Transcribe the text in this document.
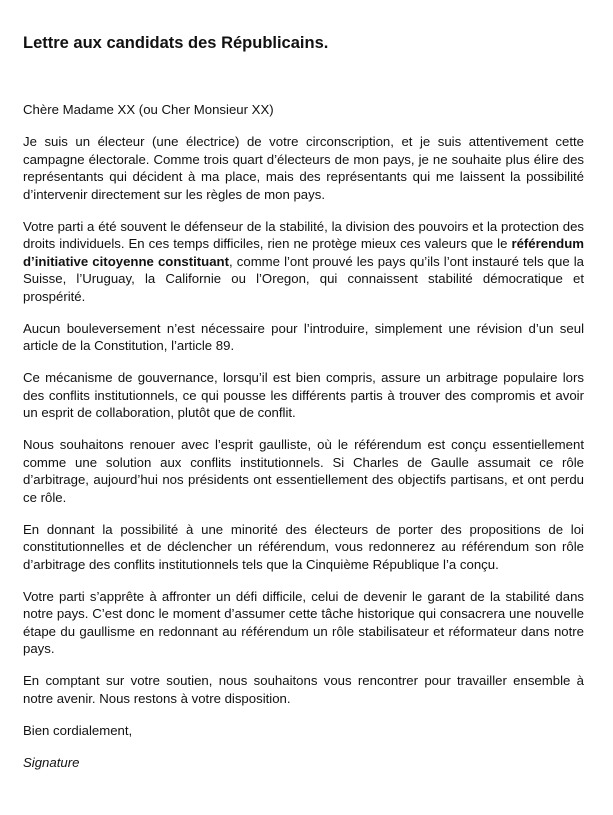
Lettre aux candidats des Républicains.

Chère Madame XX (ou Cher Monsieur XX)

Je suis un électeur (une électrice) de votre circonscription, et je suis attentivement cette campagne électorale. Comme trois quart d’électeurs de mon pays, je ne souhaite plus élire des représentants qui décident à ma place, mais des représentants qui me laissent la possibilité d’intervenir directement sur les règles de mon pays.

Votre parti a été souvent le défenseur de la stabilité, la division des pouvoirs et la protection des droits individuels. En ces temps difficiles, rien ne protège mieux ces valeurs que le référendum d’initiative citoyenne constituant, comme l’ont prouvé les pays qu’ils l’ont instauré tels que la Suisse, l’Uruguay, la Californie ou l’Oregon, qui connaissent stabilité démocratique et prospérité.

Aucun bouleversement n’est nécessaire pour l’introduire, simplement une révision d’un seul article de la Constitution, l’article 89.

Ce mécanisme de gouvernance, lorsqu’il est bien compris, assure un arbitrage populaire lors des conflits institutionnels, ce qui pousse les différents partis à trouver des compromis et avoir un esprit de collaboration, plutôt que de conflit.

Nous souhaitons renouer avec l’esprit gaulliste, où le référendum est conçu essentiellement comme une solution aux conflits institutionnels. Si Charles de Gaulle assumait ce rôle d’arbitrage, aujourd’hui nos présidents ont essentiellement des objectifs partisans, et ont perdu ce rôle.

En donnant la possibilité à une minorité des électeurs de porter des propositions de loi constitutionnelles et de déclencher un référendum, vous redonnerez au référendum son rôle d’arbitrage des conflits institutionnels tels que la Cinquième République l’a conçu.

Votre parti s’apprête à affronter un défi difficile, celui de devenir le garant de la stabilité dans notre pays. C’est donc le moment d’assumer cette tâche historique qui consacrera une nouvelle étape du gaullisme en redonnant au référendum un rôle stabilisateur et réformateur dans notre pays.

En comptant sur votre soutien, nous souhaitons vous rencontrer pour travailler ensemble à notre avenir. Nous restons à votre disposition.

Bien cordialement,

Signature
